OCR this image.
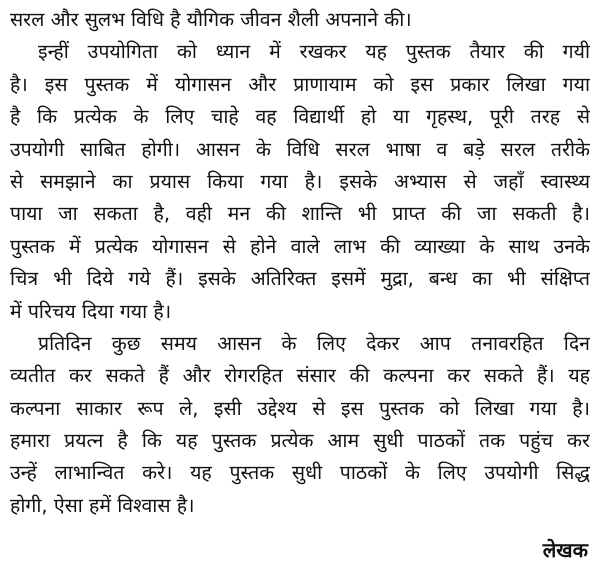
सरल और सुलभ विधि है यौगिक जीवन शैली अपनाने की।
इन्हीं उपयोगिता को ध्यान में रखकर यह पुस्तक तैयार की गयी
है। इस पुस्तक में योगासन और प्राणायाम को इस प्रकार लिखा गया
है कि प्रत्येक के लिए चाहे वह विद्यार्थी हो या गृहस्थ, पूरी तरह से
उपयोगी साबित होगी। आसन के विधि सरल भाषा व बड़े सरल तरीके
से समझाने का प्रयास किया गया है। इसके अभ्यास से जहाँ स्वास्थ्य
पाया जा सकता है, वही मन की शान्ति भी प्राप्त की जा सकती है।
पुस्तक में प्रत्येक योगासन से होने वाले लाभ की व्याख्या के साथ उनके
चित्र भी दिये गये हैं। इसके अतिरिक्त इसमें मुद्रा, बन्ध का भी संक्षिप्त
में परिचय दिया गया है।
प्रतिदिन कुछ समय आसन के लिए देकर आप तनावरहित दिन
व्यतीत कर सकते हैं और रोगरहित संसार की कल्पना कर सकते हैं। यह
कल्पना साकार रूप ले, इसी उद्देश्य से इस पुस्तक को लिखा गया है।
हमारा प्रयत्न है कि यह पुस्तक प्रत्येक आम सुधी पाठकों तक पहुंच कर
उन्हें लाभान्वित करे। यह पुस्तक सुधी पाठकों के लिए उपयोगी सिद्ध
होगी, ऐसा हमें विश्वास है।
लेखक
